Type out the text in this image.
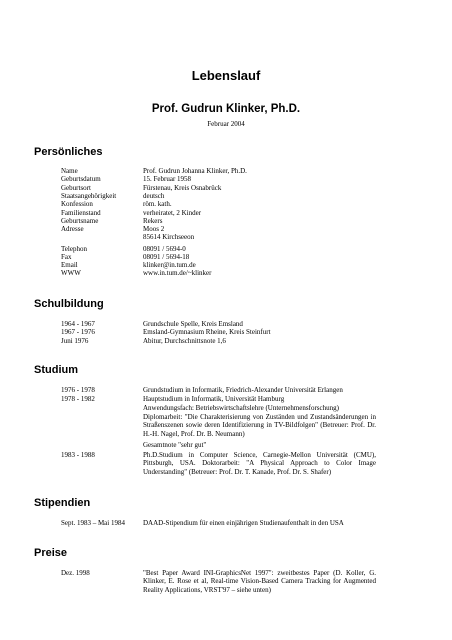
Lebenslauf
Prof. Gudrun Klinker, Ph.D.
Februar 2004
Persönliches
Name	Prof. Gudrun Johanna Klinker, Ph.D.
Geburtsdatum	15. Februar 1958
Geburtsort	Fürstenau, Kreis Osnabrück
Staatsangehörigkeit	deutsch
Konfession	röm. kath.
Familienstand	verheiratet, 2 Kinder
Geburtsname	Rekers
Adresse	Moos 2
85614 Kirchseeon
Telephon	08091 / 5694-0
Fax	08091 / 5694-18
Email	klinker@in.tum.de
WWW	www.in.tum.de/~klinker
Schulbildung
1964 - 1967	Grundschule Spelle, Kreis Emsland
1967 - 1976	Emsland-Gymnasium Rheine, Kreis Steinfurt
Juni 1976	Abitur, Durchschnittsnote 1,6
Studium
1976 - 1978	Grundstudium in Informatik, Friedrich-Alexander Universität Erlangen
1978 - 1982	Hauptstudium in Informatik, Universität Hamburg
Anwendungsfach: Betriebswirtschaftslehre (Unternehmensforschung)
Diplomarbeit: "Die Charakterisierung von Zuständen und Zustandsänderungen in Straßenszenen sowie deren Identifizierung in TV-Bildfolgen" (Betreuer: Prof. Dr. H.-H. Nagel, Prof. Dr. B. Neumann)
Gesamtnote "sehr gut"
1983 - 1988	Ph.D.Studium in Computer Science, Carnegie-Mellon Universität (CMU), Pittsburgh, USA. Doktorarbeit: "A Physical Approach to Color Image Understanding" (Betreuer: Prof. Dr. T. Kanade, Prof. Dr. S. Shafer)
Stipendien
Sept. 1983 – Mai 1984	DAAD-Stipendium für einen einjährigen Studienaufenthalt in den USA
Preise
Dez. 1998	"Best Paper Award INI-GraphicsNet 1997": zweitbestes Paper (D. Koller, G. Klinker, E. Rose et al, Real-time Vision-Based Camera Tracking for Augmented Reality Applications, VRST'97 – siehe unten)
